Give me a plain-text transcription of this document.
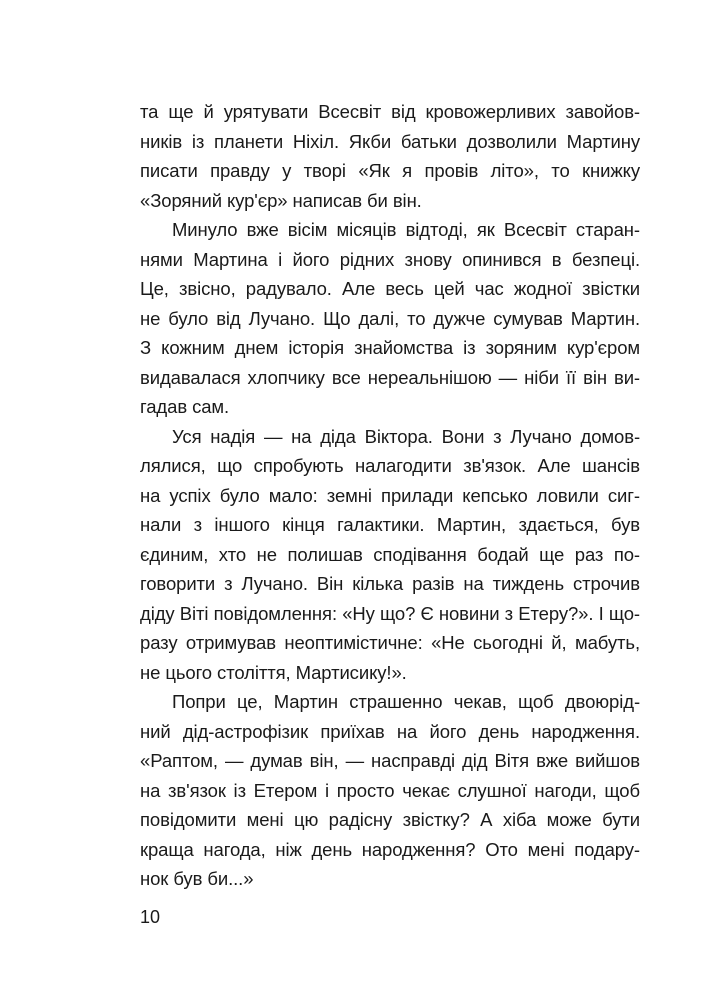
та ще й урятувати Всесвіт від кровожерливих завойов-
ників із планети Ніхіл. Якби батьки дозволили Мартину
писати правду у творі «Як я провів літо», то книжку
«Зоряний кур'єр» написав би він.
Минуло вже вісім місяців відтоді, як Всесвіт старан-
нями Мартина і його рідних знову опинився в безпеці.
Це, звісно, радувало. Але весь цей час жодної звістки
не було від Лучано. Що далі, то дужче сумував Мартин.
З кожним днем історія знайомства із зоряним кур'єром
видавалася хлопчику все нереальнішою — ніби її він ви-
гадав сам.
Уся надія — на діда Віктора. Вони з Лучано домов-
лялися, що спробують налагодити зв'язок. Але шансів
на успіх було мало: земні прилади кепсько ловили сиг-
нали з іншого кінця галактики. Мартин, здається, був
єдиним, хто не полишав сподівання бодай ще раз по-
говорити з Лучано. Він кілька разів на тиждень строчив
діду Віті повідомлення: «Ну що? Є новини з Етеру?». І що-
разу отримував неоптимістичне: «Не сьогодні й, мабуть,
не цього століття, Мартисику!».
Попри це, Мартин страшенно чекав, щоб двоюрід-
ний дід-астрофізик приїхав на його день народження.
«Раптом, — думав він, — насправді дід Вітя вже вийшов
на зв'язок із Етером і просто чекає слушної нагоди, щоб
повідомити мені цю радісну звістку? А хіба може бути
краща нагода, ніж день народження? Ото мені подару-
нок був би...»
10
